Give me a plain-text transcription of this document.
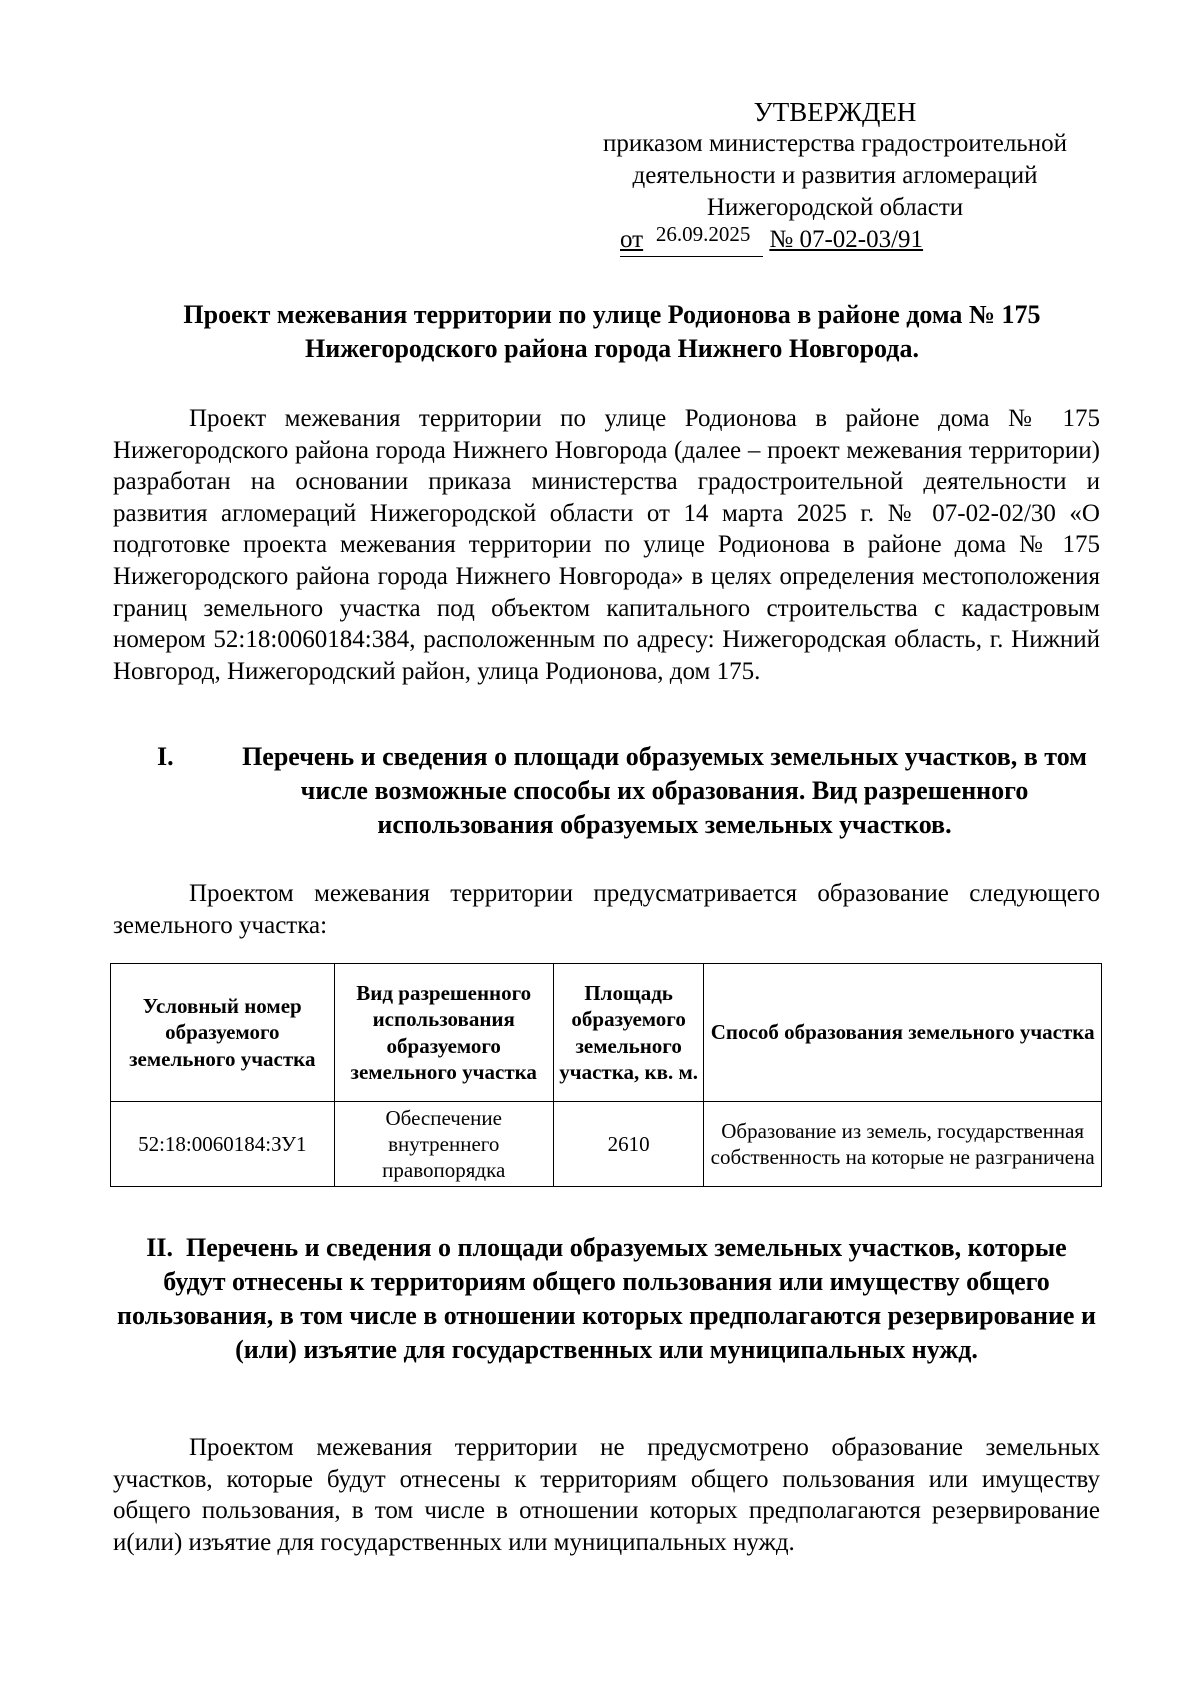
УТВЕРЖДЕН
приказом министерства градостроительной
деятельности и развития агломераций
Нижегородской области
от 26.09.2025 № 07-02-03/91
Проект межевания территории по улице Родионова в районе дома № 175
Нижегородского района города Нижнего Новгорода.

Проект межевания территории по улице Родионова в районе дома № 175 Нижегородского района города Нижнего Новгорода (далее – проект межевания территории) разработан на основании приказа министерства градостроительной деятельности и развития агломераций Нижегородской области от 14 марта 2025 г. № 07-02-02/30 «О подготовке проекта межевания территории по улице Родионова в районе дома № 175 Нижегородского района города Нижнего Новгорода» в целях определения местоположения границ земельного участка под объектом капитального строительства с кадастровым номером 52:18:0060184:384, расположенным по адресу: Нижегородская область, г. Нижний Новгород, Нижегородский район, улица Родионова, дом 175.

I.	Перечень и сведения о площади образуемых земельных участков, в том числе возможные способы их образования. Вид разрешенного использования образуемых земельных участков.

Проектом межевания территории предусматривается образование следующего земельного участка:

Условный номер образуемого земельного участка	Вид разрешенного использования образуемого земельного участка	Площадь образуемого земельного участка, кв. м.	Способ образования земельного участка
52:18:0060184:ЗУ1	Обеспечение внутреннего правопорядка	2610	Образование из земель, государственная собственность на которые не разграничена
II. Перечень и сведения о площади образуемых земельных участков, которые будут отнесены к территориям общего пользования или имуществу общего пользования, в том числе в отношении которых предполагаются резервирование и (или) изъятие для государственных или муниципальных нужд.

Проектом межевания территории не предусмотрено образование земельных участков, которые будут отнесены к территориям общего пользования или имуществу общего пользования, в том числе в отношении которых предполагаются резервирование и(или) изъятие для государственных или муниципальных нужд.
